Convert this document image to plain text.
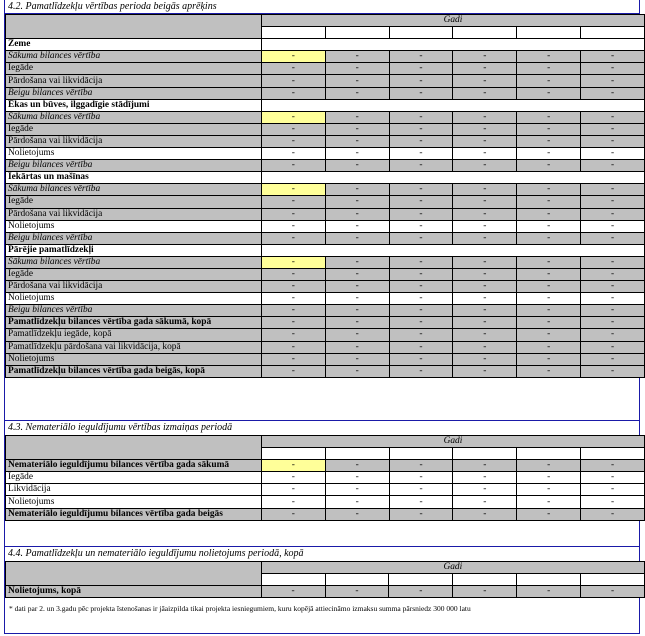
4.2. Pamatlīdzekļu vērtības perioda beigās aprēķins
	Gadi					

Zeme						
Sākuma bilances vērtība	-	-	-	-	-	-
Iegāde	-	-	-	-	-	-
Pārdošana vai likvidācija	-	-	-	-	-	-
Beigu bilances vērtība	-	-	-	-	-	-
Ēkas un būves, ilggadīgie stādījumi						
Sākuma bilances vērtība	-	-	-	-	-	-
Iegāde	-	-	-	-	-	-
Pārdošana vai likvidācija	-	-	-	-	-	-
Nolietojums	-	-	-	-	-	-
Beigu bilances vērtība	-	-	-	-	-	-
Iekārtas un mašīnas						
Sākuma bilances vērtība	-	-	-	-	-	-
Iegāde	-	-	-	-	-	-
Pārdošana vai likvidācija	-	-	-	-	-	-
Nolietojums	-	-	-	-	-	-
Beigu bilances vērtība	-	-	-	-	-	-
Pārējie pamatlīdzekļi						
Sākuma bilances vērtība	-	-	-	-	-	-
Iegāde	-	-	-	-	-	-
Pārdošana vai likvidācija	-	-	-	-	-	-
Nolietojums	-	-	-	-	-	-
Beigu bilances vērtība	-	-	-	-	-	-
Pamatlīdzekļu bilances vērtība gada sākumā, kopā	-	-	-	-	-	-
Pamatlīdzekļu iegāde, kopā	-	-	-	-	-	-
Pamatlīdzekļu pārdošana vai likvidācija, kopā	-	-	-	-	-	-
Nolietojums	-	-	-	-	-	-
Pamatlīdzekļu bilances vērtība gada beigās, kopā	-	-	-	-	-	-
4.3. Nemateriālo ieguldījumu vērtības izmaiņas periodā
	Gadi					

Nemateriālo ieguldījumu bilances vērtība gada sākumā	-	-	-	-	-	-
Iegāde	-	-	-	-	-	-
Likvidācija	-	-	-	-	-	-
Nolietojums	-	-	-	-	-	-
Nemateriālo ieguldījumu bilances vērtība gada beigās	-	-	-	-	-	-
4.4. Pamatlīdzekļu un nemateriālo ieguldījumu nolietojums periodā, kopā
	Gadi					

Nolietojums, kopā	-	-	-	-	-	-
* dati par 2. un 3.gadu pēc projekta īstenošanas ir jāaizpilda tikai projekta iesniegumiem, kuru kopējā attiecināmo izmaksu summa pārsniedz 300 000 latu
